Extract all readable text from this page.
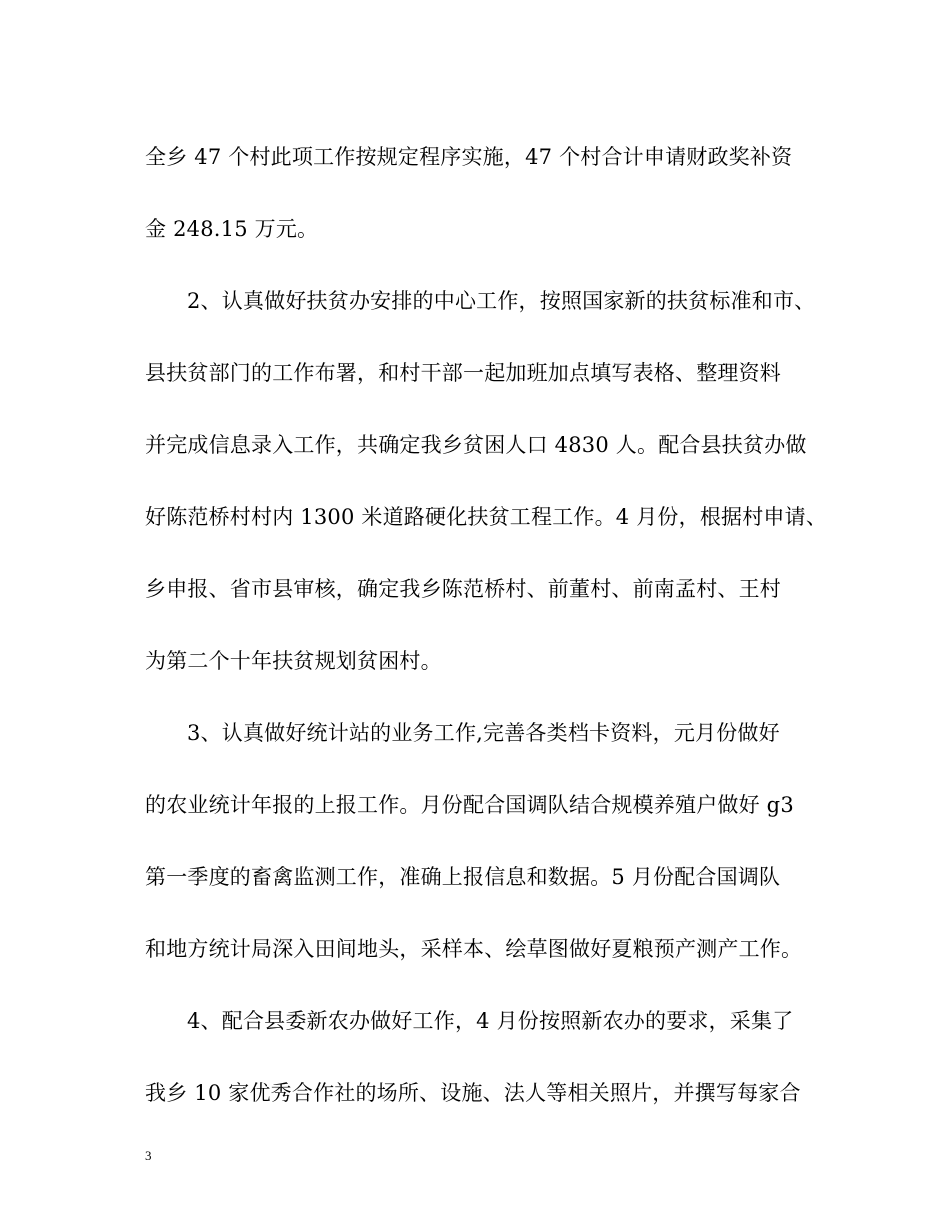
全乡 47 个村此项工作按规定程序实施，47 个村合计申请财政奖补资
金 248.15 万元。
2、认真做好扶贫办安排的中心工作，按照国家新的扶贫标准和市、
县扶贫部门的工作布署，和村干部一起加班加点填写表格、整理资料
并完成信息录入工作，共确定我乡贫困人口 4830 人。配合县扶贫办做
好陈范桥村村内 1300 米道路硬化扶贫工程工作。4 月份，根据村申请、
乡申报、省市县审核，确定我乡陈范桥村、前董村、前南孟村、王村
为第二个十年扶贫规划贫困村。
3、认真做好统计站的业务工作,完善各类档卡资料，元月份做好
的农业统计年报的上报工作。月份配合国调队结合规模养殖户做好 g3
第一季度的畜禽监测工作，准确上报信息和数据。5 月份配合国调队
和地方统计局深入田间地头，采样本、绘草图做好夏粮预产测产工作。
4、配合县委新农办做好工作，4 月份按照新农办的要求，采集了
我乡 10 家优秀合作社的场所、设施、法人等相关照片，并撰写每家合
3
